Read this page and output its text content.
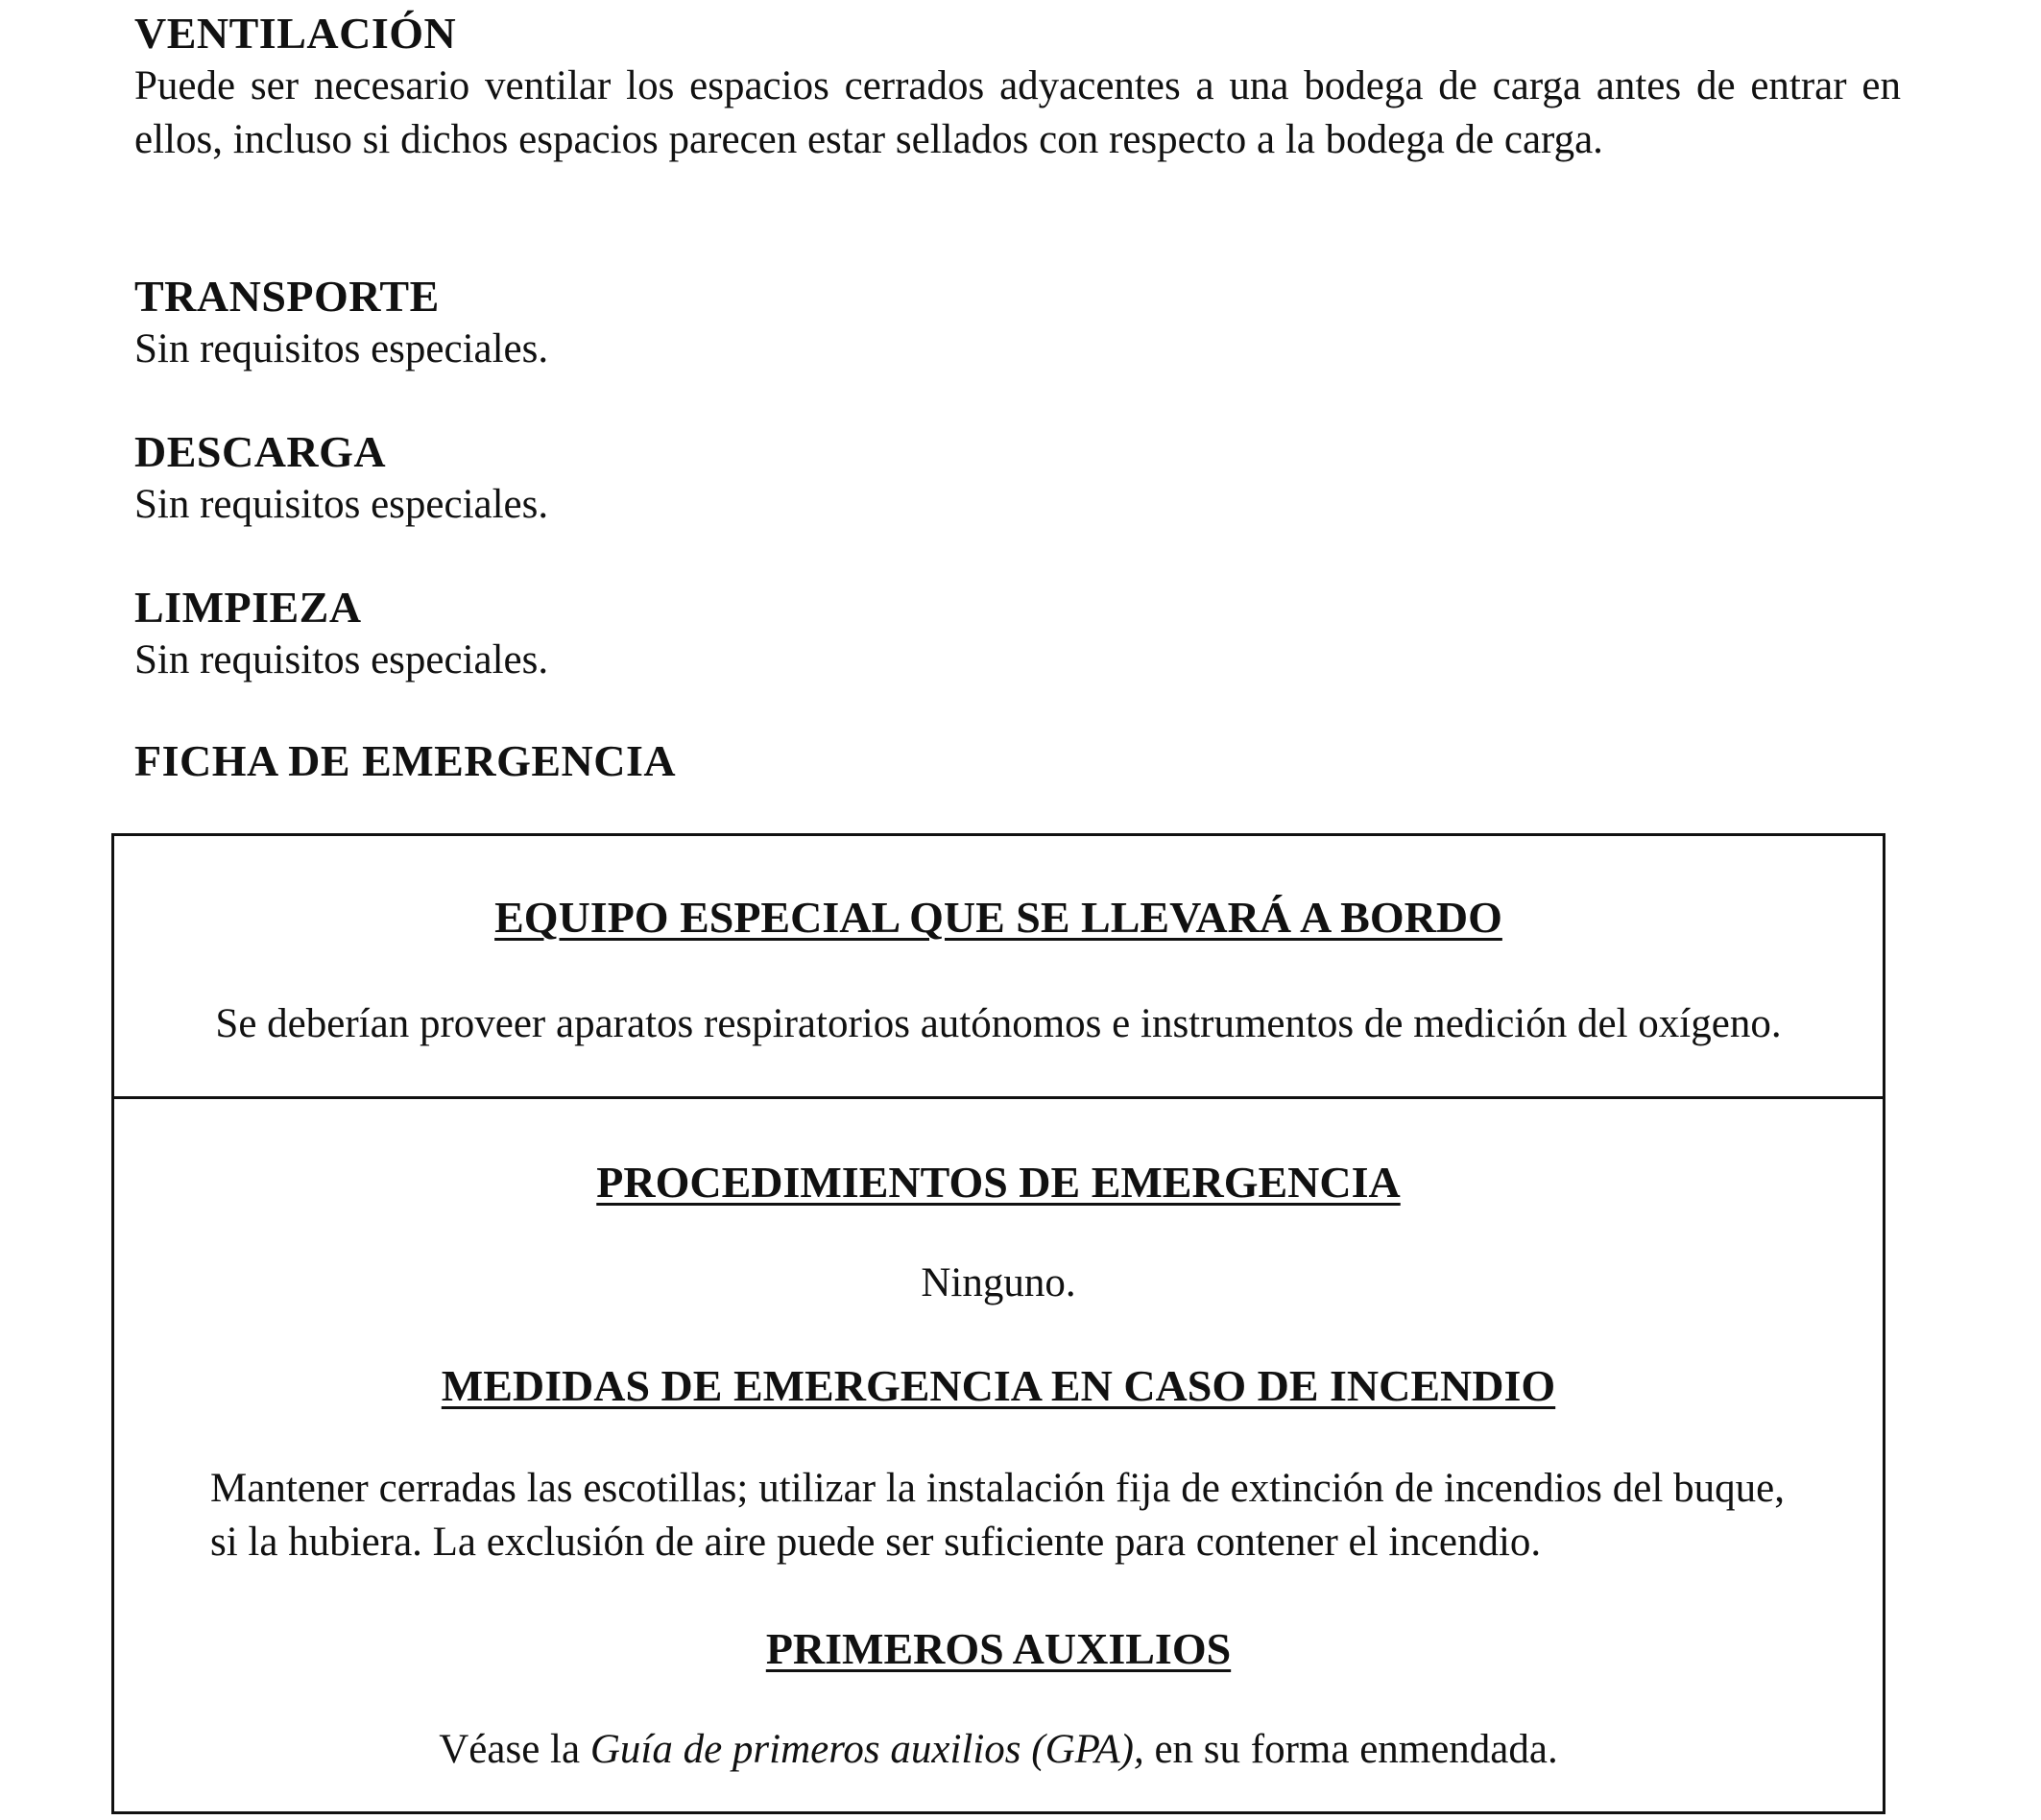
VENTILACIÓN
Puede ser necesario ventilar los espacios cerrados adyacentes a una bodega de carga antes de entrar en ellos, incluso si dichos espacios parecen estar sellados con respecto a la bodega de carga.
TRANSPORTE
Sin requisitos especiales.
DESCARGA
Sin requisitos especiales.
LIMPIEZA
Sin requisitos especiales.
FICHA DE EMERGENCIA
EQUIPO ESPECIAL QUE SE LLEVARÁ A BORDO
Se deberían proveer aparatos respiratorios autónomos e instrumentos de medición del oxígeno.
PROCEDIMIENTOS DE EMERGENCIA
Ninguno.
MEDIDAS DE EMERGENCIA EN CASO DE INCENDIO
Mantener cerradas las escotillas; utilizar la instalación fija de extinción de incendios del buque, si la hubiera. La exclusión de aire puede ser suficiente para contener el incendio.
PRIMEROS AUXILIOS
Véase la Guía de primeros auxilios (GPA), en su forma enmendada.
